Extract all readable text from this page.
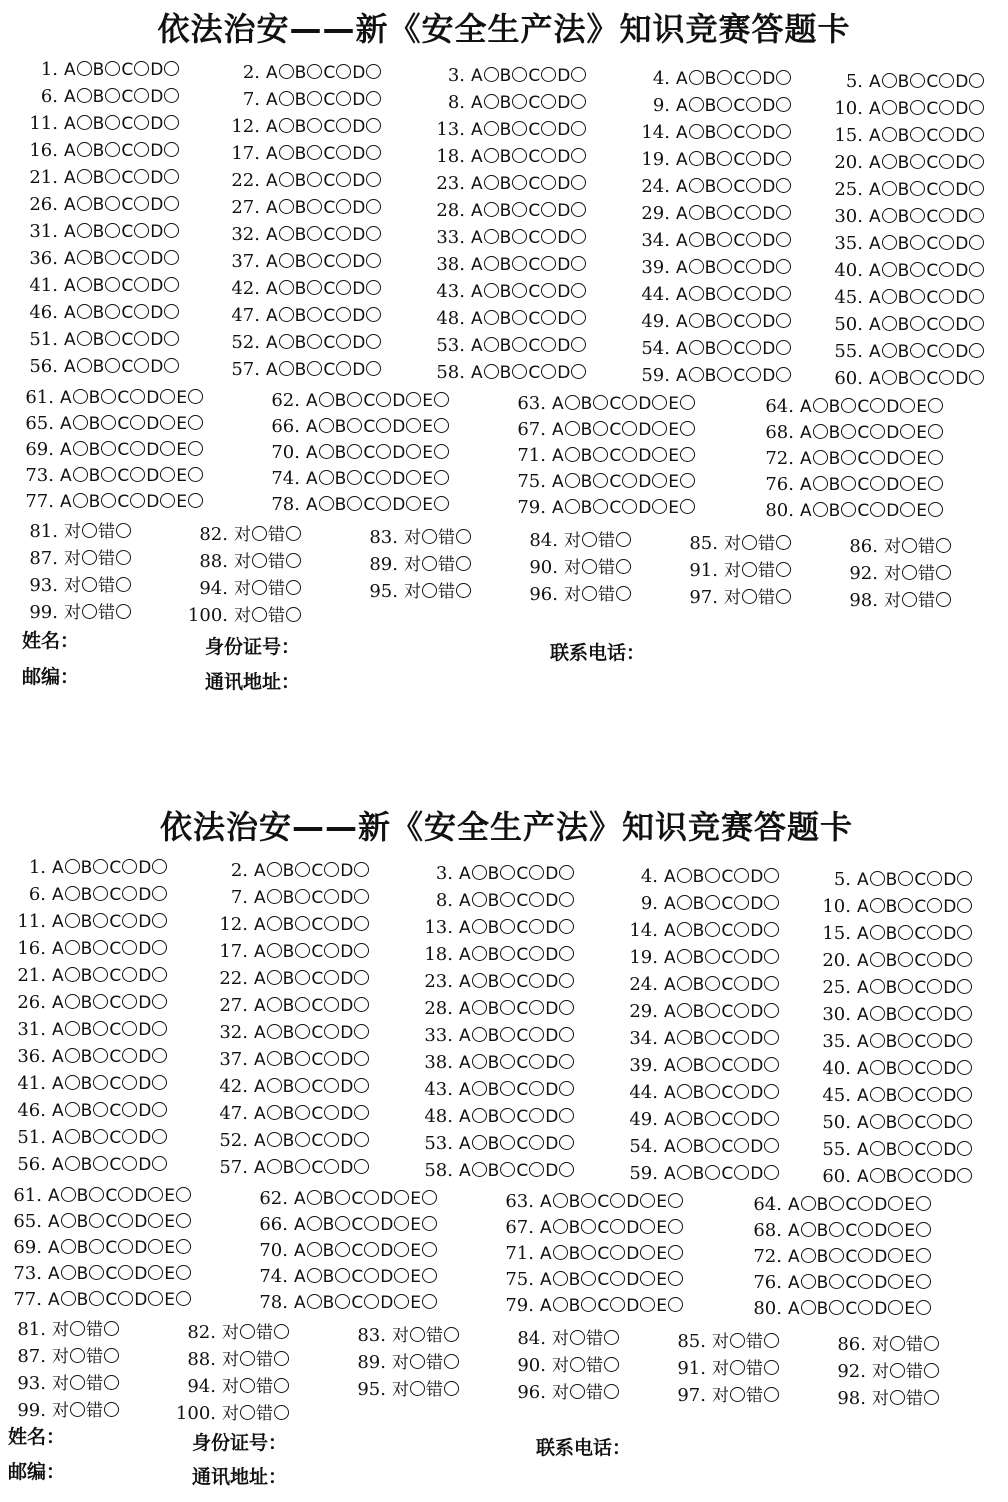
依法治安——新《安全生产法》知识竞赛答题卡
1. A B C D	2. A B C D	3. A B C D	4. A B C D	5. A B C D
6. A B C D	7. A B C D	8. A B C D	9. A B C D	10. A B C D
11. A B C D	12. A B C D	13. A B C D	14. A B C D	15. A B C D
16. A B C D	17. A B C D	18. A B C D	19. A B C D	20. A B C D
21. A B C D	22. A B C D	23. A B C D	24. A B C D	25. A B C D
26. A B C D	27. A B C D	28. A B C D	29. A B C D	30. A B C D
31. A B C D	32. A B C D	33. A B C D	34. A B C D	35. A B C D
36. A B C D	37. A B C D	38. A B C D	39. A B C D	40. A B C D
41. A B C D	42. A B C D	43. A B C D	44. A B C D	45. A B C D
46. A B C D	47. A B C D	48. A B C D	49. A B C D	50. A B C D
51. A B C D	52. A B C D	53. A B C D	54. A B C D	55. A B C D
56. A B C D	57. A B C D	58. A B C D	59. A B C D	60. A B C D
61. A B C D E	62. A B C D E	63. A B C D E	64. A B C D E
65. A B C D E	66. A B C D E	67. A B C D E	68. A B C D E
69. A B C D E	70. A B C D E	71. A B C D E	72. A B C D E
73. A B C D E	74. A B C D E	75. A B C D E	76. A B C D E
77. A B C D E	78. A B C D E	79. A B C D E	80. A B C D E
81. 对 错	82. 对 错	83. 对 错	84. 对 错	85. 对 错	86. 对 错
87. 对 错	88. 对 错	89. 对 错	90. 对 错	91. 对 错	92. 对 错
93. 对 错	94. 对 错	95. 对 错	96. 对 错	97. 对 错	98. 对 错
99. 对 错	100. 对 错
姓名：	身份证号：	联系电话：
邮编：	通讯地址：
依法治安——新《安全生产法》知识竞赛答题卡
1. A B C D	2. A B C D	3. A B C D	4. A B C D	5. A B C D
6. A B C D	7. A B C D	8. A B C D	9. A B C D	10. A B C D
11. A B C D	12. A B C D	13. A B C D	14. A B C D	15. A B C D
16. A B C D	17. A B C D	18. A B C D	19. A B C D	20. A B C D
21. A B C D	22. A B C D	23. A B C D	24. A B C D	25. A B C D
26. A B C D	27. A B C D	28. A B C D	29. A B C D	30. A B C D
31. A B C D	32. A B C D	33. A B C D	34. A B C D	35. A B C D
36. A B C D	37. A B C D	38. A B C D	39. A B C D	40. A B C D
41. A B C D	42. A B C D	43. A B C D	44. A B C D	45. A B C D
46. A B C D	47. A B C D	48. A B C D	49. A B C D	50. A B C D
51. A B C D	52. A B C D	53. A B C D	54. A B C D	55. A B C D
56. A B C D	57. A B C D	58. A B C D	59. A B C D	60. A B C D
61. A B C D E	62. A B C D E	63. A B C D E	64. A B C D E
65. A B C D E	66. A B C D E	67. A B C D E	68. A B C D E
69. A B C D E	70. A B C D E	71. A B C D E	72. A B C D E
73. A B C D E	74. A B C D E	75. A B C D E	76. A B C D E
77. A B C D E	78. A B C D E	79. A B C D E	80. A B C D E
81. 对 错	82. 对 错	83. 对 错	84. 对 错	85. 对 错	86. 对 错
87. 对 错	88. 对 错	89. 对 错	90. 对 错	91. 对 错	92. 对 错
93. 对 错	94. 对 错	95. 对 错	96. 对 错	97. 对 错	98. 对 错
99. 对 错	100. 对 错
姓名：	身份证号：	联系电话：
邮编：	通讯地址：
